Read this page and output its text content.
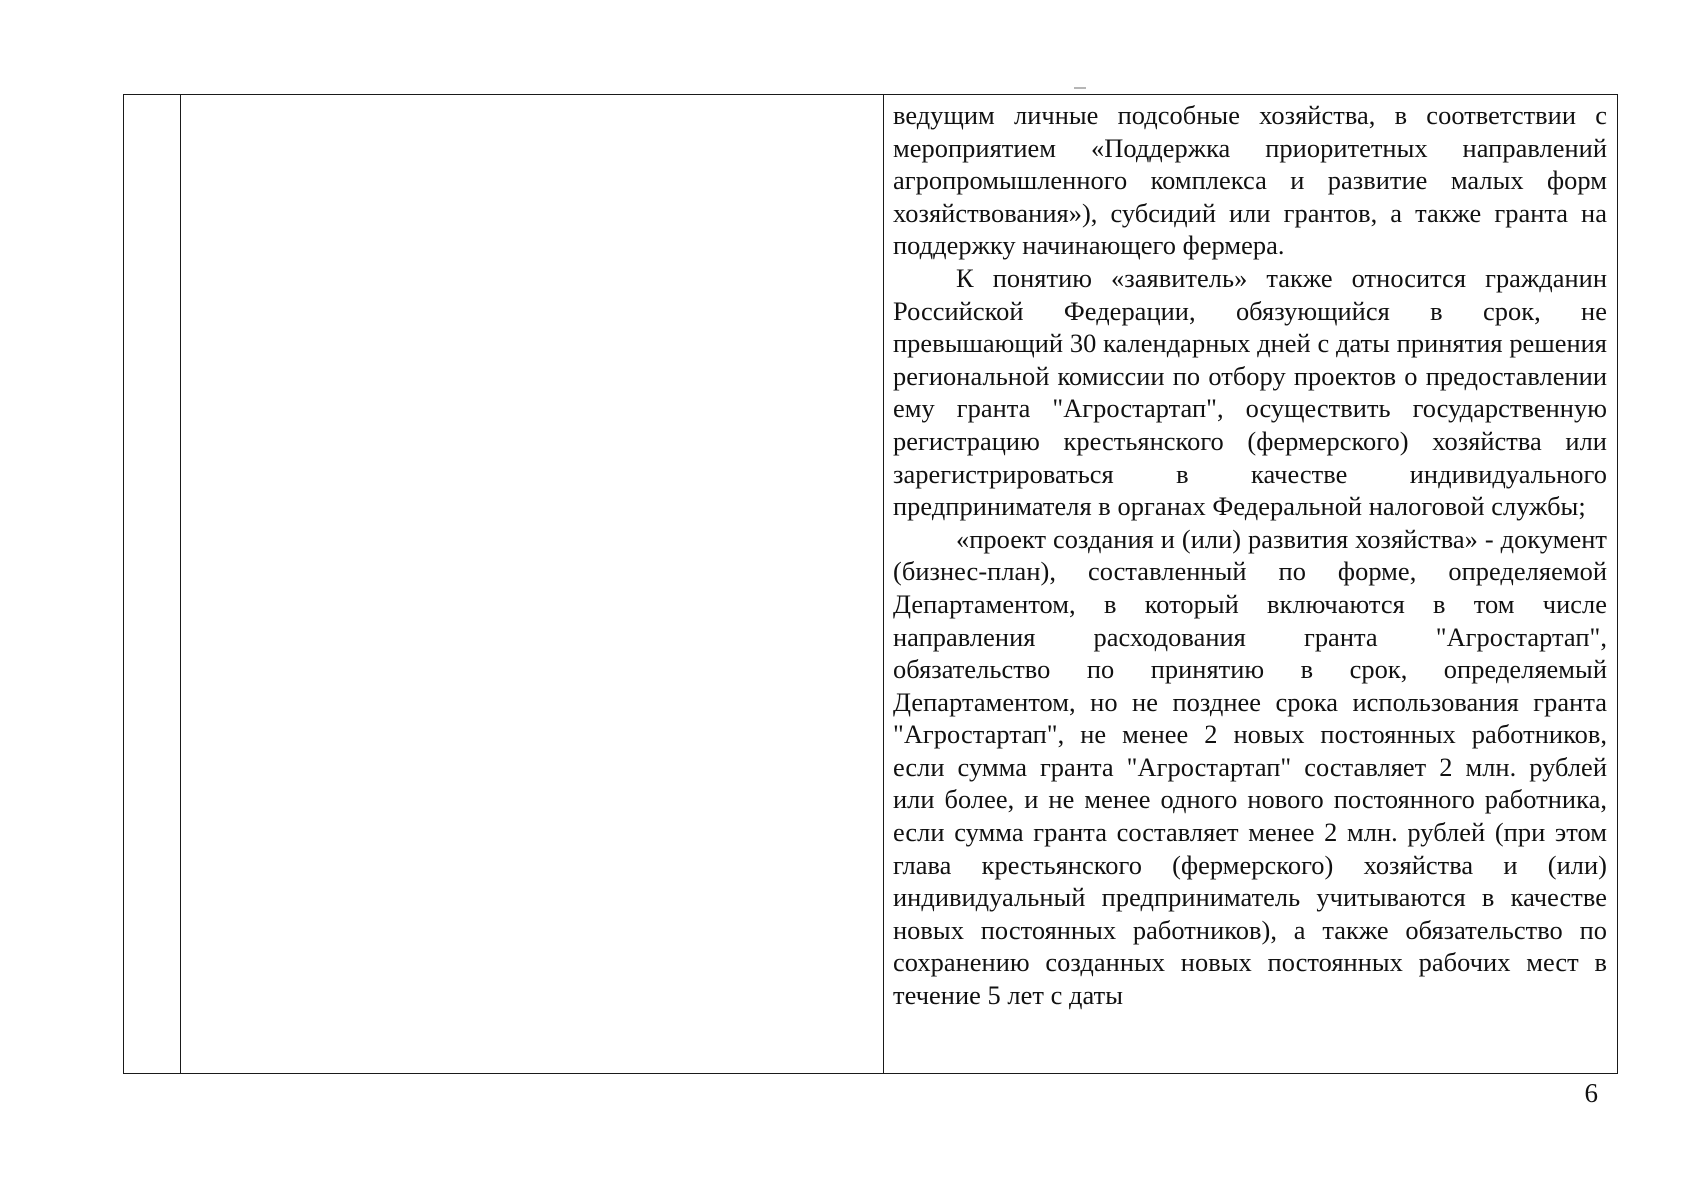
ведущим личные подсобные хозяйства, в соответствии с мероприятием «Поддержка приоритетных направлений агропромышленного комплекса и развитие малых форм хозяйствования»), субсидий или грантов, а также гранта на поддержку начинающего фермера.

К понятию «заявитель» также относится гражданин Российской Федерации, обязующийся в срок, не превышающий 30 календарных дней с даты принятия решения региональной комиссии по отбору проектов о предоставлении ему гранта "Агростартап", осуществить государственную регистрацию крестьянского (фермерского) хозяйства или зарегистрироваться в качестве индивидуального предпринимателя в органах Федеральной налоговой службы;

«проект создания и (или) развития хозяйства» - документ (бизнес-план), составленный по форме, определяемой Департаментом, в который включаются в том числе направления расходования гранта "Агростартап", обязательство по принятию в срок, определяемый Департаментом, но не позднее срока использования гранта "Агростартап", не менее 2 новых постоянных работников, если сумма гранта "Агростартап" составляет 2 млн. рублей или более, и не менее одного нового постоянного работника, если сумма гранта составляет менее 2 млн. рублей (при этом глава крестьянского (фермерского) хозяйства и (или) индивидуальный предприниматель учитываются в качестве новых постоянных работников), а также обязательство по сохранению созданных новых постоянных рабочих мест в течение 5 лет с даты

6
